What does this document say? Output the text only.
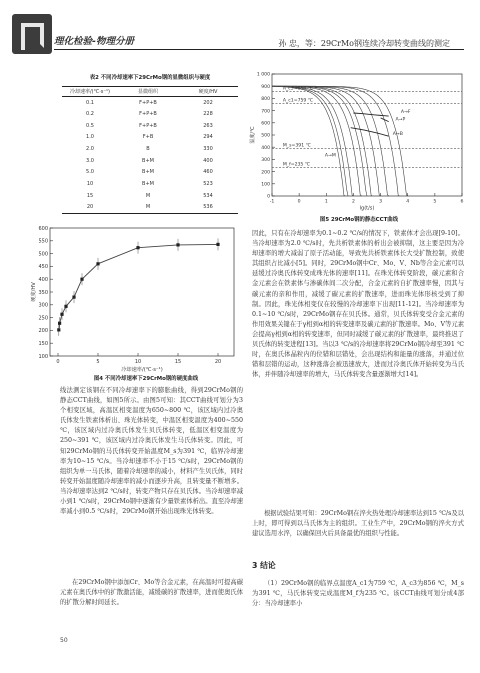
理化检验-物理分册	孙 忠，等：29CrMo钢连续冷却转变曲线的测定
表2 不同冷却速率下29CrMo钢的显微组织与硬度
冷却速率/(℃·s⁻¹)	显微组织	硬度/HV
0.1	F+P+B	202
0.2	F+P+B	228
0.5	F+P+B	263
1.0	F+B	294
2.0	B	330
3.0	B+M	400
5.0	B+M	460
10	B+M	523
15	M	534
20	M	536
0	5	10	15	20
100
150
200
250
300
350
400
450
500
550
600
冷却速率/(℃·s⁻¹)
硬度/HV
图4 不同冷却速率下29CrMo钢的硬度曲线
-1	0	1	2	3	4	5	6
0
100
200
300
400
500
600
700
800
900
1 000
lg(t/s)
温度/℃
A_c3=856 ℃
A_c1=759 ℃
M_s=391 ℃
M_f=235 ℃
A→F
A→P
A→B
A→M
图5 29CrMo钢的静态CCT曲线
线法测定该钢在不同冷却速率下的膨胀曲线，得到29CrMo钢的静态CCT曲线，如图5所示。由图5可知：其CCT曲线可划分为3个相变区域，高温区相变温度为650~800 ℃，该区域内过冷奥氏体发生铁素体析出、珠光体转变，中温区相变温度为400~550 ℃，该区域内过冷奥氏体发生贝氏体转变，低温区相变温度为250~391 ℃，该区域内过冷奥氏体发生马氏体转变。因此，可知29CrMo钢的马氏体转变开始温度M_s为391 ℃，临界冷却速率为10~15 ℃/s。当冷却速率不小于15 ℃/s时，29CrMo钢的组织为单一马氏体，随着冷却速率的减小，材料产生贝氏体，同时转变开始温度随冷却速率的减小而逐步升高，且转变量不断增多。当冷却速率达到2 ℃/s时，转变产物只存在贝氏体。当冷却速率减小到1 ℃/s时，29CrMo钢中逐渐有少量铁素体析出。直至冷却速率减小到0.5 ℃/s时，29CrMo钢开始出现珠光体转变。
在29CrMo钢中添加Cr、Mo等合金元素，在高温时可提高碳元素在奥氏体中的扩散激活能，减缓碳的扩散速率，进而使奥氏体的扩散分解时间延长。
因此，只有在冷却速率为0.1~0.2 ℃/s的情况下，铁素体才会出现[9-10]。当冷却速率为2.0 ℃/s时，先共析铁素体的析出会被抑制，这主要是因为冷却速率的增大减弱了原子活动能，导致先共析铁素体长大受扩散控制，致使其组织占比减小[5]。同时，29CrMo钢中Cr、Mo、V、Nb等合金元素可以延缓过冷奥氏体转变成珠光体的速率[11]。在珠光体转变阶段，碳元素和合金元素会在铁素体与渗碳体间二次分配，合金元素的自扩散速率慢，因其与碳元素的亲和作用，减缓了碳元素的扩散速率，进而珠光体形核受到了抑制。因此，珠光体相变仅在较慢的冷却速率下出现[11-12]。当冷却速率为0.1~10 ℃/s时，29CrMo钢存在贝氏体。通常，贝氏体转变受合金元素的作用效果关键在于γ相到α相的转变速率及碳元素的扩散速率。Mo、V等元素会提高γ相到α相的转变速率，但同时减缓了碳元素的扩散速率，最终推迟了贝氏体的转变进程[13]。当以3 ℃/s的冷却速率将29CrMo钢冷却至391 ℃时，在奥氏体晶粒内的位错和层错处，会出现结构和能量的涨落，并通过位错和层错的运动，这种涨落会被迅速放大，进而过冷奥氏体开始转变为马氏体，并伴随冷却速率的增大，马氏体转变含量逐渐增大[14]。
根据试验结果可知：29CrMo钢在淬火热处理冷却速率达到15 ℃/s及以上时，即可得到以马氏体为主的组织。工业生产中，29CrMo钢的淬火方式建议选用水淬，以确保回火后具备最优的组织与性能。
3 结论
（1）29CrMo钢的临界点温度A_c1为759 ℃，A_c3为856 ℃，M_s为391 ℃，马氏体转变完成温度M_f为235 ℃。该CCT曲线可划分成4部分：当冷却速率小
50
